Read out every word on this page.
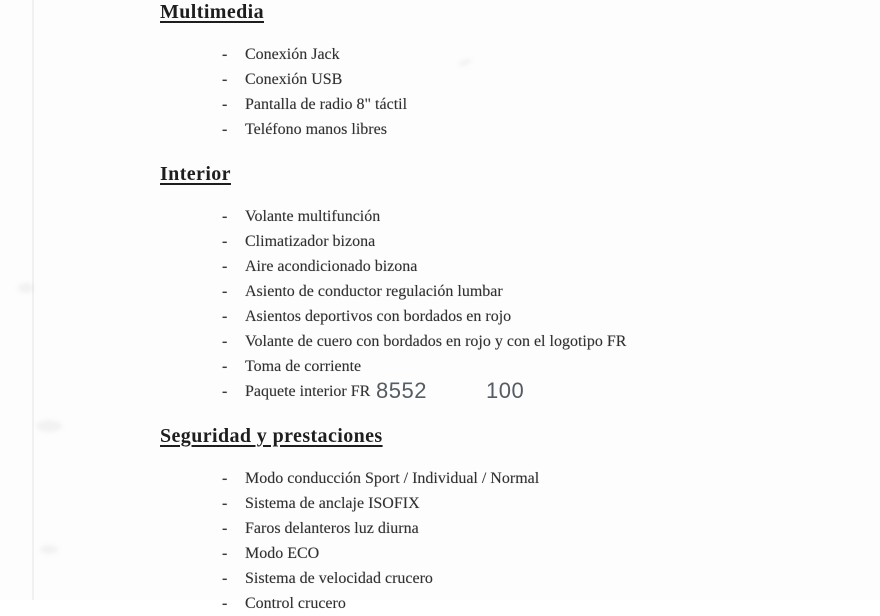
Multimedia
- Conexión Jack
- Conexión USB
- Pantalla de radio 8" táctil
- Teléfono manos libres
Interior
- Volante multifunción
- Climatizador bizona
- Aire acondicionado bizona
- Asiento de conductor regulación lumbar
- Asientos deportivos con bordados en rojo
- Volante de cuero con bordados en rojo y con el logotipo FR
- Toma de corriente
- Paquete interior FR
Seguridad y prestaciones
- Modo conducción Sport / Individual / Normal
- Sistema de anclaje ISOFIX
- Faros delanteros luz diurna
- Modo ECO
- Sistema de velocidad crucero
- Control crucero
8552	100
